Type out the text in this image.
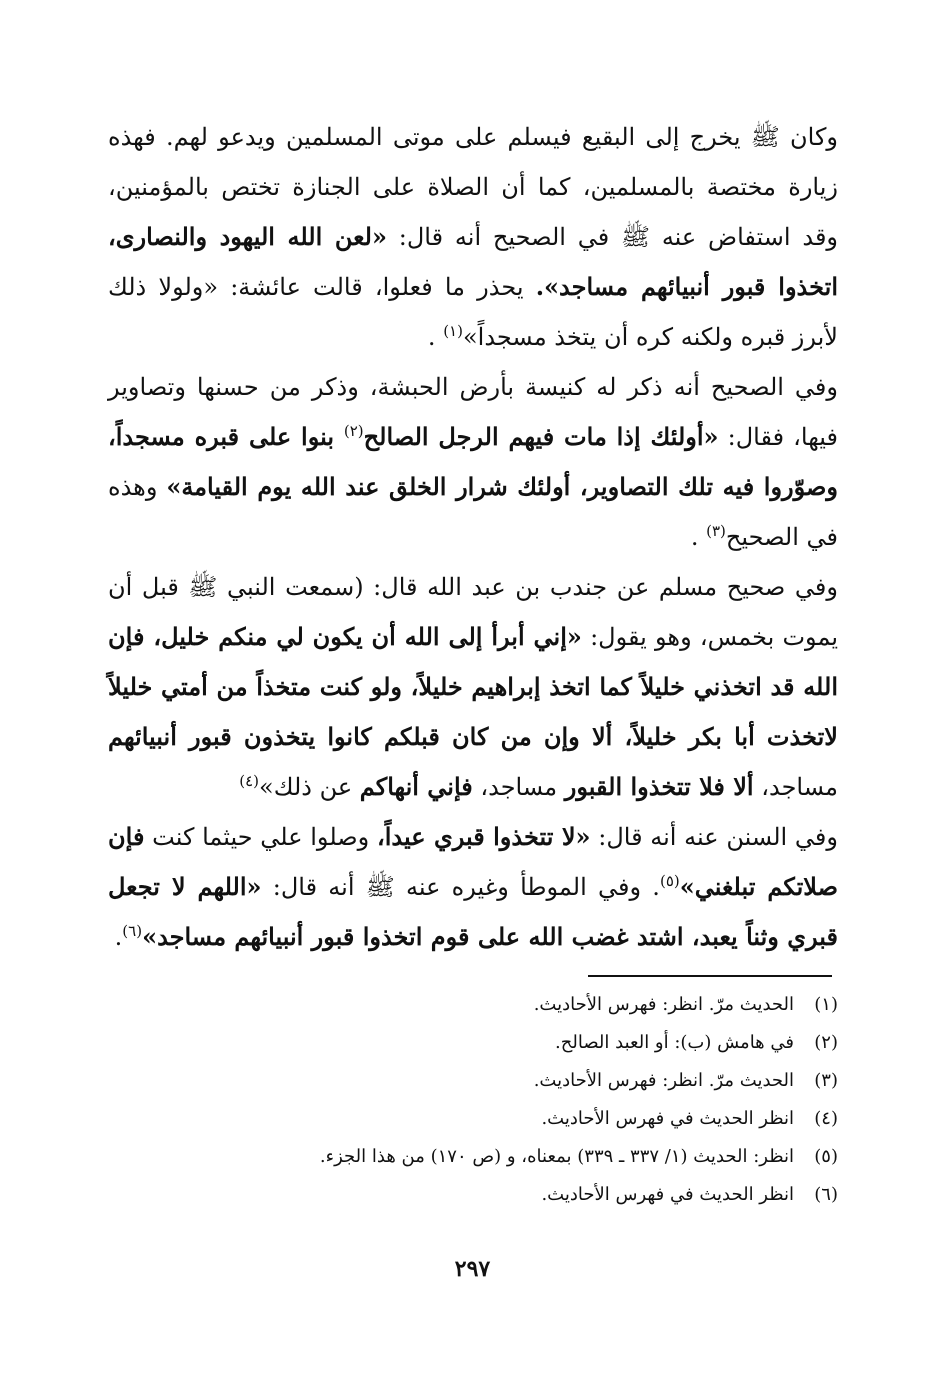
وكان ﷺ يخرج إلى البقيع فيسلم على موتى المسلمين ويدعو لهم. فهذه زيارة مختصة بالمسلمين، كما أن الصلاة على الجنازة تختص بالمؤمنين، وقد استفاض عنه ﷺ في الصحيح أنه قال: «لعن الله اليهود والنصارى، اتخذوا قبور أنبيائهم مساجد». يحذر ما فعلوا، قالت عائشة: «ولولا ذلك لأبرز قبره ولكنه كره أن يتخذ مسجداً»$^{(١)}$ .

وفي الصحيح أنه ذكر له كنيسة بأرض الحبشة، وذكر من حسنها وتصاوير فيها، فقال: «أولئك إذا مات فيهم الرجل الصالح$^{(٢)}$ بنوا على قبره مسجداً، وصوّروا فيه تلك التصاوير، أولئك شرار الخلق عند الله يوم القيامة» وهذه في الصحيح$^{(٣)}$ .

وفي صحيح مسلم عن جندب بن عبد الله قال: (سمعت النبي ﷺ قبل أن يموت بخمس، وهو يقول: «إني أبرأ إلى الله أن يكون لي منكم خليل، فإن الله قد اتخذني خليلاً كما اتخذ إبراهيم خليلاً، ولو كنت متخذاً من أمتي خليلاً لاتخذت أبا بكر خليلاً، ألا وإن من كان قبلكم كانوا يتخذون قبور أنبيائهم مساجد، ألا فلا تتخذوا القبور مساجد، فإني أنهاكم عن ذلك»$^{(٤)}$

وفي السنن عنه أنه قال: «لا تتخذوا قبري عيداً، وصلوا علي حيثما كنت فإن صلاتكم تبلغني»$^{(٥)}$. وفي الموطأ وغيره عنه ﷺ أنه قال: «اللهم لا تجعل قبري وثناً يعبد، اشتد غضب الله على قوم اتخذوا قبور أنبيائهم مساجد»$^{(٦)}$.

(١)الحديث مرّ. انظر: فهرس الأحاديث.
(٢)في هامش (ب): أو العبد الصالح.
(٣)الحديث مرّ. انظر: فهرس الأحاديث.
(٤)انظر الحديث في فهرس الأحاديث.
(٥)انظر: الحديث (١/ ٣٣٧ ـ ٣٣٩) بمعناه، و (ص ١٧٠) من هذا الجزء.
(٦)انظر الحديث في فهرس الأحاديث.
٢٩٧
